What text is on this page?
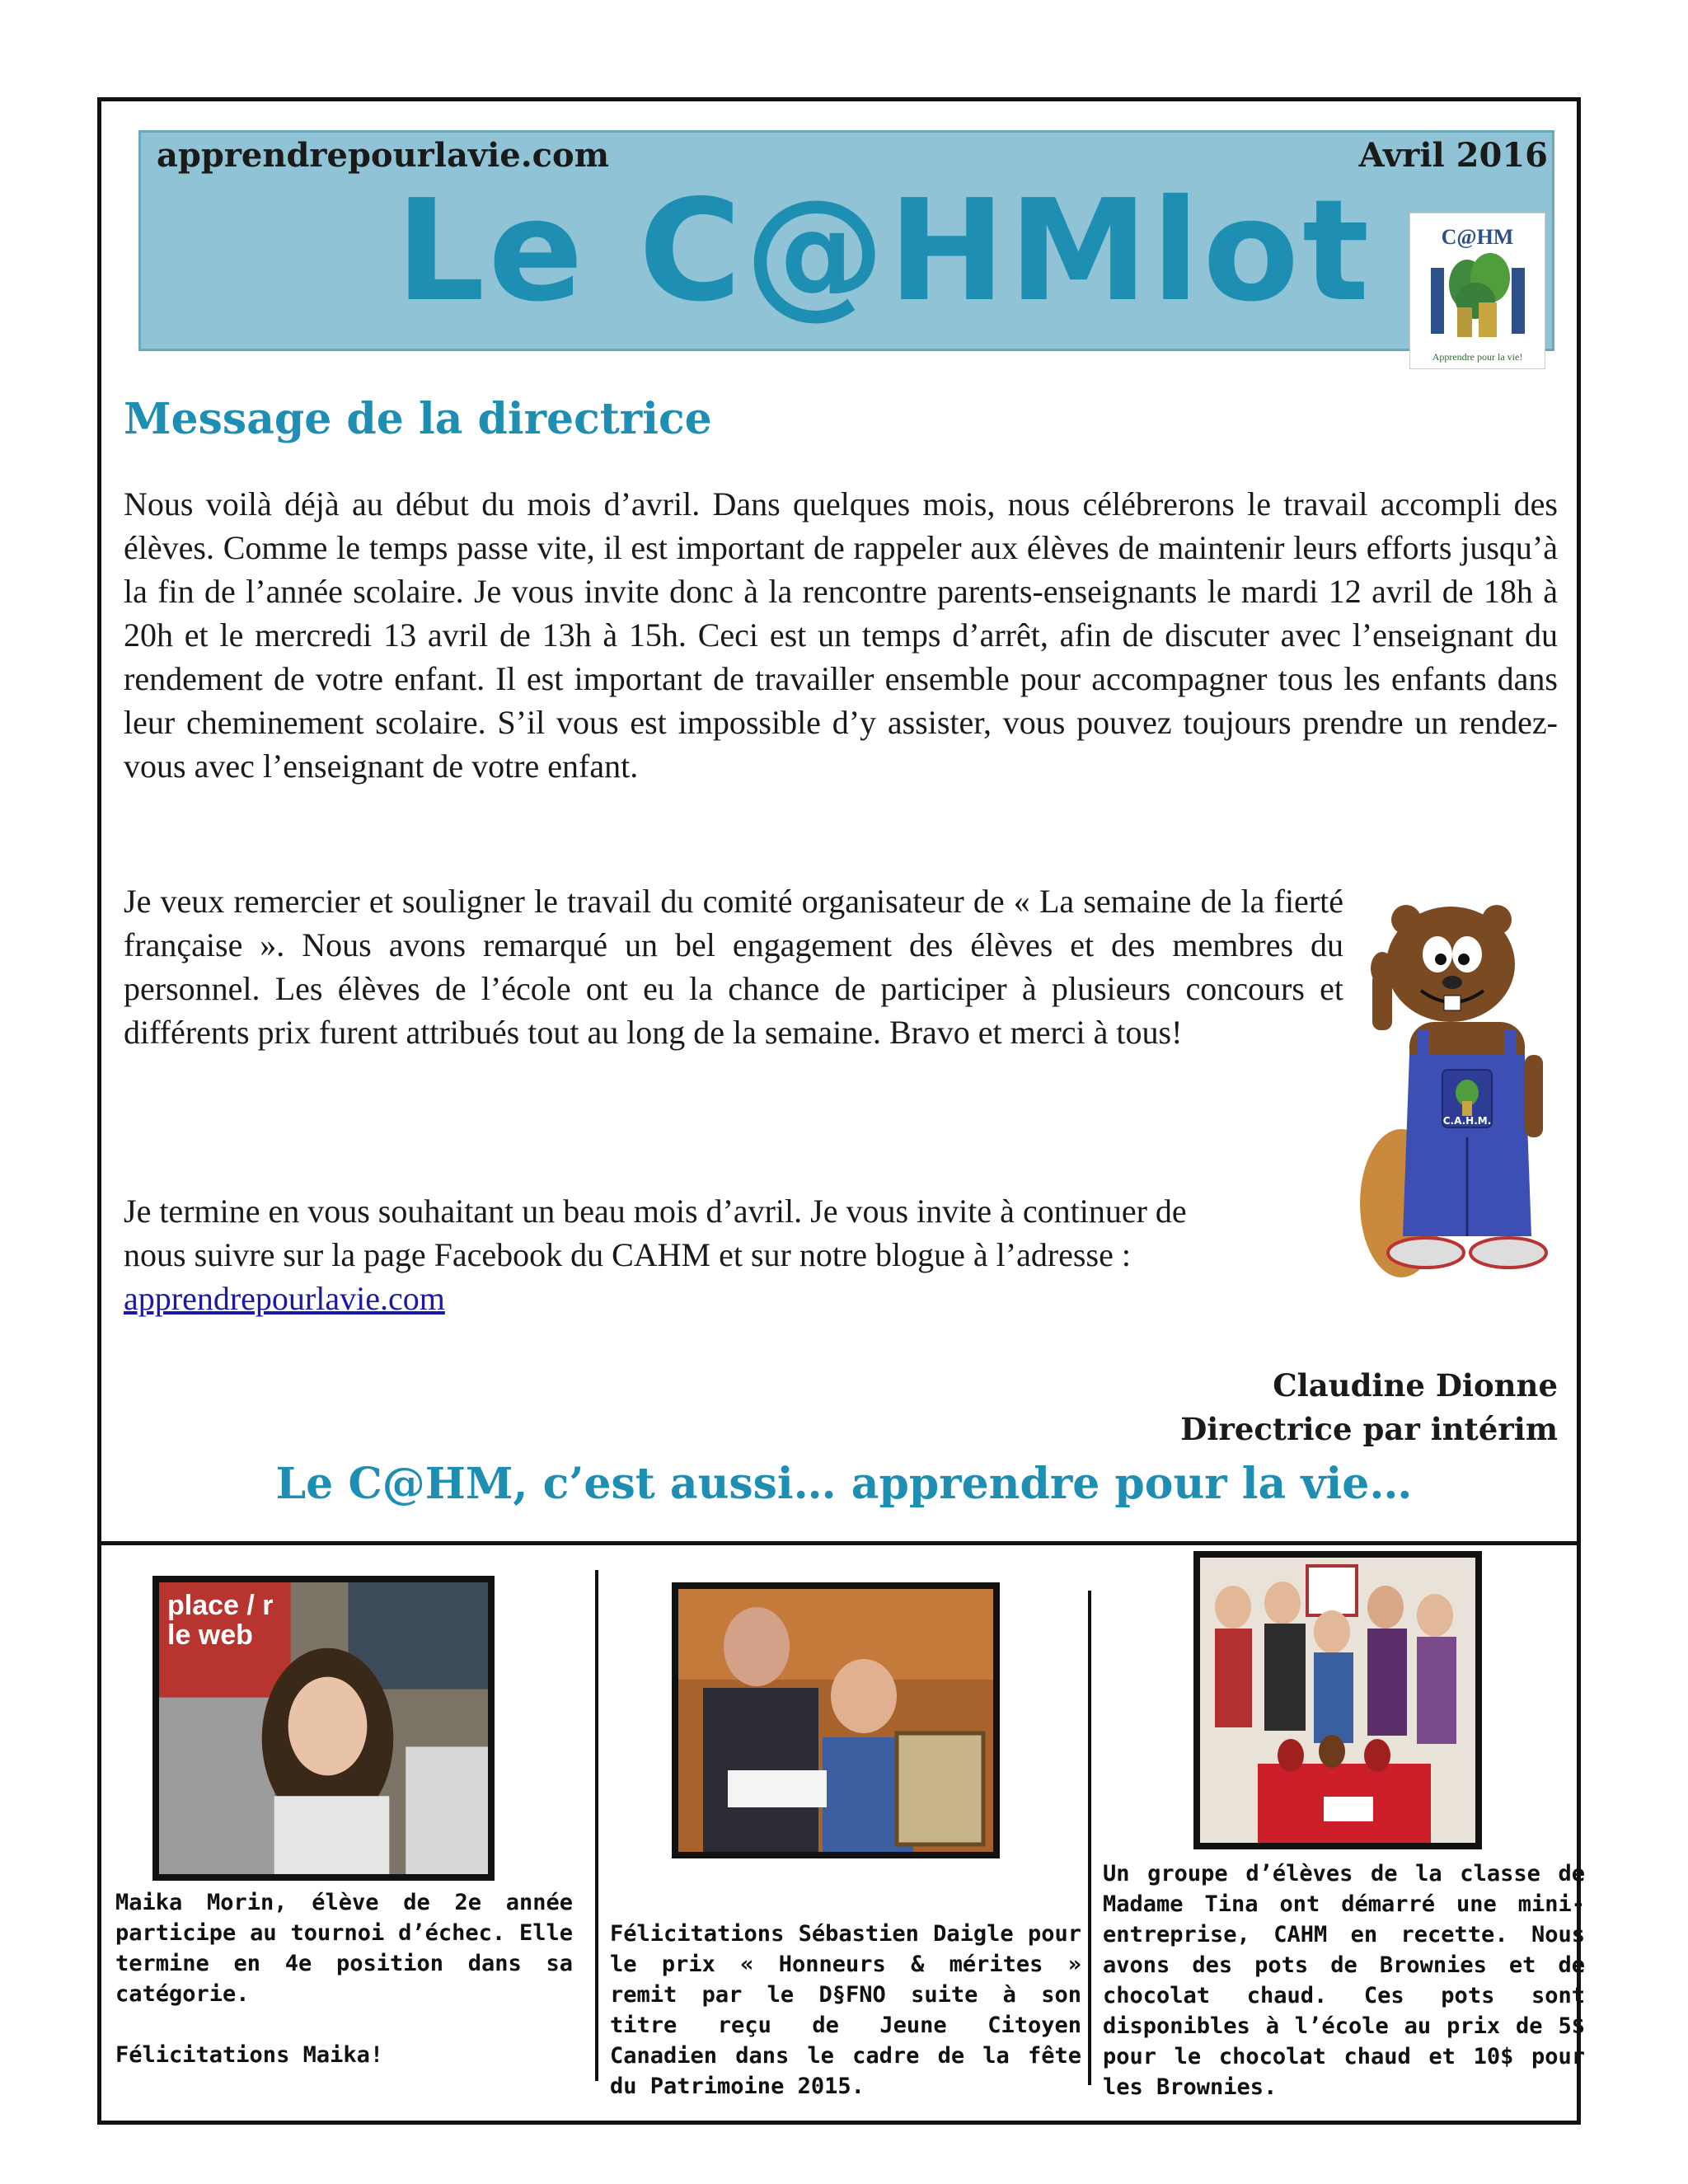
apprendrepourlavie.com	Avril 2016
Le C@HMlot	C@HM
Apprendre pour la vie!
Message de la directrice

Nous voilà déjà au début du mois d’avril. Dans quelques mois, nous célébrerons le travail accompli des élèves. Comme le temps passe vite, il est important de rappeler aux élèves de maintenir leurs efforts jusqu’à la fin de l’année scolaire. Je vous invite donc à la rencontre parents-enseignants le mardi 12 avril de 18h à 20h et le mercredi 13 avril de 13h à 15h. Ceci est un temps d’arrêt, afin de discuter avec l’enseignant du rendement de votre enfant. Il est important de travailler ensemble pour accompagner tous les enfants dans leur cheminement scolaire. S’il vous est impossible d’y assister, vous pouvez toujours prendre un rendez-vous avec l’enseignant de votre enfant.

Je veux remercier et souligner le travail du comité organisateur de « La semaine de la fierté française ». Nous avons remarqué un bel engagement des élèves et des membres du personnel. Les élèves de l’école ont eu la chance de participer à plusieurs concours et différents prix furent attribués tout au long de la semaine. Bravo et merci à tous!

Je termine en vous souhaitant un beau mois d’avril. Je vous invite à continuer de nous suivre sur la page Facebook du CAHM et sur notre blogue à l’adresse : apprendrepourlavie.com

C.A.H.M.
Claudine Dionne
Directrice par intérim
Le C@HM, c’est aussi… apprendre pour la vie…
place / r le web
Maika Morin, élève de 2e année participe au tournoi d’échec. Elle termine en 4e position dans sa catégorie.
Félicitations Maika!
Félicitations Sébastien Daigle pour le prix « Honneurs & mérites » remit par le D§FNO suite à son titre reçu de Jeune Citoyen Canadien dans le cadre de la fête du Patrimoine 2015.
Un groupe d’élèves de la classe de Madame Tina ont démarré une mini-entreprise, CAHM en recette. Nous avons des pots de Brownies et de chocolat chaud. Ces pots sont disponibles à l’école au prix de 5$ pour le chocolat chaud et 10$ pour les Brownies.
